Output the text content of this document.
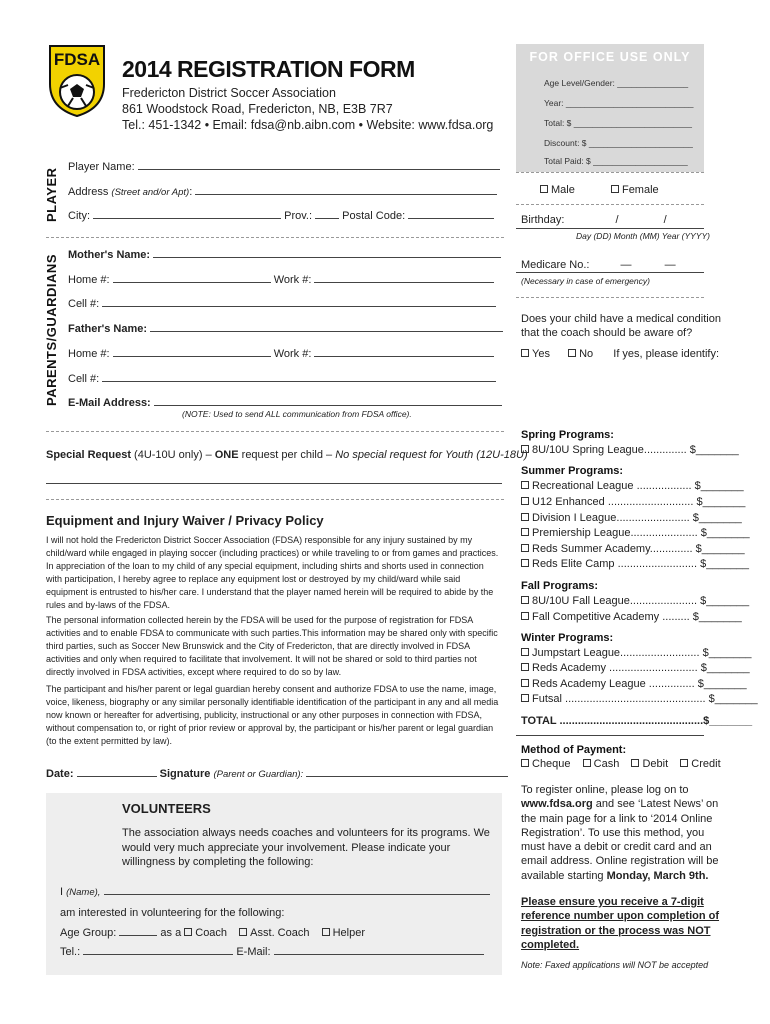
FDSA 2014 REGISTRATION FORM
Fredericton District Soccer Association
861 Woodstock Road, Fredericton, NB, E3B 7R7
Tel.: 451-1342 • Email: fdsa@nb.aibn.com • Website: www.fdsa.org
FOR OFFICE USE ONLY
Age Level/Gender: _______________
Year: ___________________________
Total: $ _________________________
Discount: $ ______________________
Total Paid: $ ____________________
PLAYER
PARENTS/GUARDIANS
Player Name:
Address (Street and/or Apt):
City:	Prov.:	Postal Code:
Male	Female
Birthday:	/	/
Day (DD) Month (MM) Year (YYYY)
Mother's Name:
Home #:	Work #:
Cell #:
Father's Name:
Home #:	Work #:
Cell #:
E-Mail Address:
(NOTE: Used to send ALL communication from FDSA office).
Medicare No.:	—	—
(Necessary in case of emergency)
Does your child have a medical condition
that the coach should be aware of?
Yes	No If yes, please identify:
Special Request (4U-10U only) – ONE request per child – No special request for Youth (12U-18U)
Equipment and Injury Waiver / Privacy Policy
I will not hold the Fredericton District Soccer Association (FDSA) responsible for any injury sustained by my child/ward while engaged in playing soccer (including practices) or while traveling to or from games and practices. In appreciation of the loan to my child of any special equipment, including shirts and shorts used in connection with participation, I hereby agree to replace any equipment lost or destroyed by my child/ward while said equipment is entrusted to his/her care. I understand that the player named herein will be required to abide by the rules and by-laws of the FDSA.
The personal information collected herein by the FDSA will be used for the purpose of registration for FDSA activities and to enable FDSA to communicate with such parties.This information may be shared only with specific third parties, such as Soccer New Brunswick and the City of Fredericton, that are directly involved in FDSA activities and only when required to facilitate that involvement. It will not be shared or sold to third parties not directly involved in FDSA activities, except where required to do so by law.
The participant and his/her parent or legal guardian hereby consent and authorize FDSA to use the name, image, voice, likeness, biography or any similar personally identifiable identification of the participant in any and all media now known or hereafter for advertising, publicity, instructional or any other purposes in connection with FDSA, without compensation to, or right of prior review or approval by, the participant or his/her parent or legal guardian (to the extent permitted by law).
Date:	Signature (Parent or Guardian):
Spring Programs:
8U/10U Spring League.............. $_______
Summer Programs:
Recreational League .................. $_______
U12 Enhanced ............................ $_______
Division I League........................ $_______
Premiership League...................... $_______
Reds Summer Academy.............. $_______
Reds Elite Camp .......................... $_______
Fall Programs:
8U/10U Fall League...................... $_______
Fall Competitive Academy ......... $_______
Winter Programs:
Jumpstart League.......................... $_______
Reds Academy ............................. $_______
Reds Academy League ............... $_______
Futsal .............................................. $_______
TOTAL ...............................................$_______
Method of Payment:
Cheque Cash Debit Credit
To register online, please log on to www.fdsa.org and see ‘Latest News’ on the main page for a link to ‘2014 Online Registration’. To use this method, you must have a debit or credit card and an email address. Online registration will be available starting Monday, March 9th.
Please ensure you receive a 7-digit reference number upon completion of registration or the process was NOT completed.
Note: Faxed applications will NOT be accepted
VOLUNTEERS
The association always needs coaches and volunteers for its programs. We would very much appreciate your involvement. Please indicate your willingness by completing the following:
I (Name),
am interested in volunteering for the following:
Age Group:	as a Coach Asst. Coach Helper
Tel.:	E-Mail:
